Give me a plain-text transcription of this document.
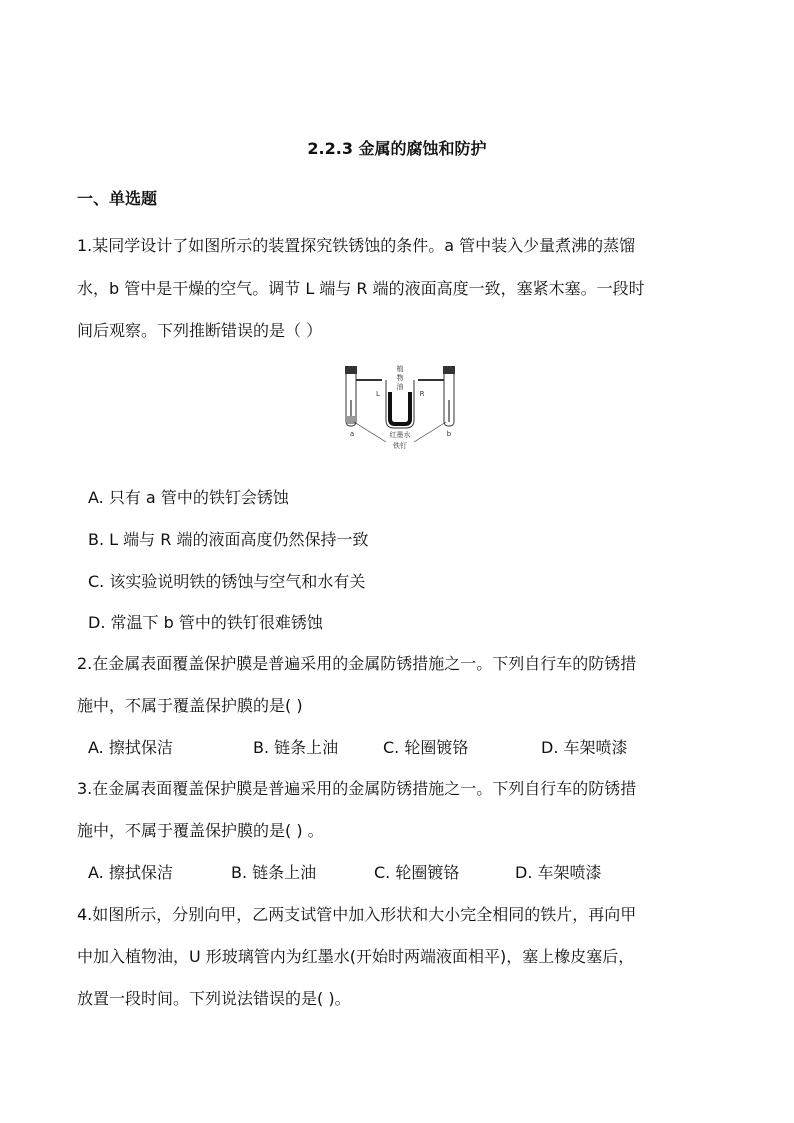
2.2.3 金属的腐蚀和防护
一、单选题
1.某同学设计了如图所示的装置探究铁锈蚀的条件。a 管中装入少量煮沸的蒸馏
水，b 管中是干燥的空气。调节 L 端与 R 端的液面高度一致，塞紧木塞。一段时
间后观察。下列推断错误的是（ ）
植
物
油
L	R
a	b
红墨水
铁钉
A. 只有 a 管中的铁钉会锈蚀
B. L 端与 R 端的液面高度仍然保持一致
C. 该实验说明铁的锈蚀与空气和水有关
D. 常温下 b 管中的铁钉很难锈蚀
2.在金属表面覆盖保护膜是普遍采用的金属防锈措施之一。下列自行车的防锈措
施中，不属于覆盖保护膜的是( )
A. 擦拭保洁	B. 链条上油	C. 轮圈镀铬	D. 车架喷漆
3.在金属表面覆盖保护膜是普遍采用的金属防锈措施之一。下列自行车的防锈措
施中，不属于覆盖保护膜的是( ) 。
A. 擦拭保洁	B. 链条上油	C. 轮圈镀铬	D. 车架喷漆
4.如图所示，分别向甲，乙两支试管中加入形状和大小完全相同的铁片，再向甲
中加入植物油，U 形玻璃管内为红墨水(开始时两端液面相平)，塞上橡皮塞后，
放置一段时间。下列说法错误的是( )。
